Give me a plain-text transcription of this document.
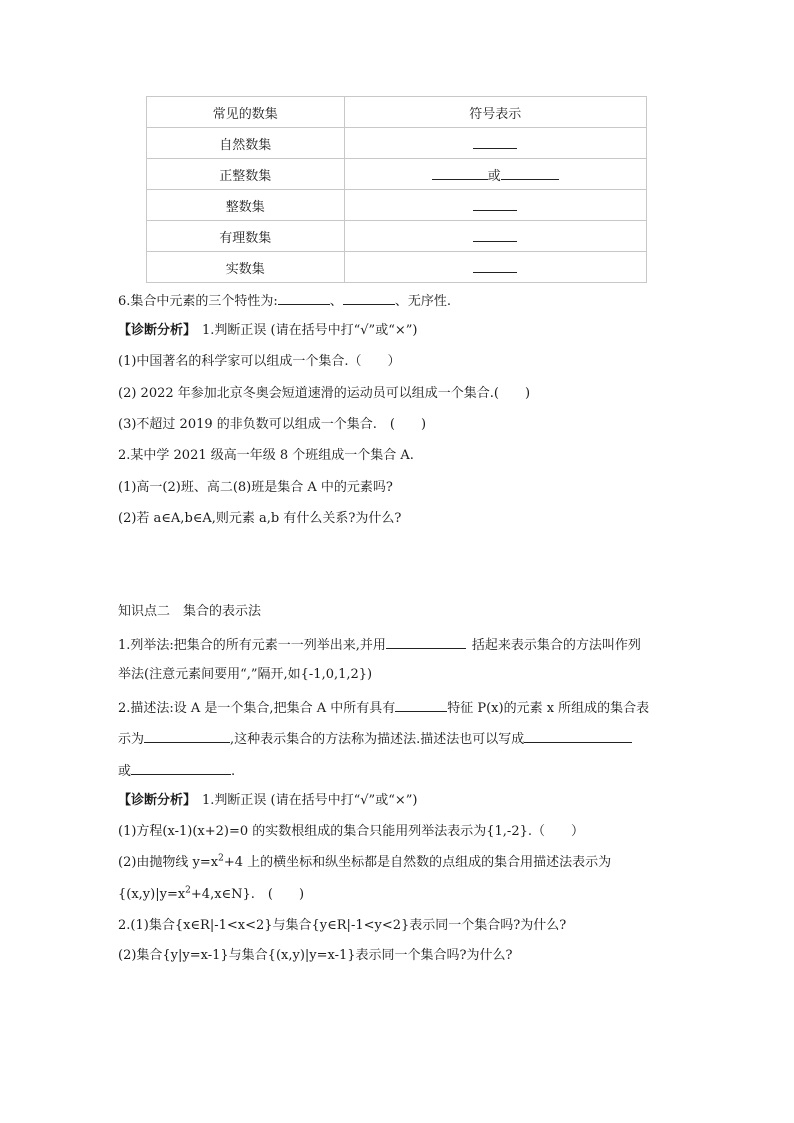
常见的数集	符号表示
自然数集	
正整数集	或
整数集	
有理数集	
实数集	
6.集合中元素的三个特性为:	、	、无序性.
【诊断分析】 1.判断正误 (请在括号中打“√”或“×”)
(1)中国著名的科学家可以组成一个集合.（　　）
(2) 2022 年参加北京冬奥会短道速滑的运动员可以组成一个集合.(　　)
(3)不超过 2019 的非负数可以组成一个集合.　(　　)
2.某中学 2021 级高一年级 8 个班组成一个集合 A.
(1)高一(2)班、高二(8)班是集合 A 中的元素吗?
(2)若 a∈A,b∈A,则元素 a,b 有什么关系?为什么?
知识点二　集合的表示法
1.列举法:把集合的所有元素一一列举出来,并用	括起来表示集合的方法叫作列
举法(注意元素间要用“,”隔开,如{-1,0,1,2})
2.描述法:设 A 是一个集合,把集合 A 中所有具有	特征 P(x)的元素 x 所组成的集合表
示为	,这种表示集合的方法称为描述法.描述法也可以写成
或	.
【诊断分析】 1.判断正误 (请在括号中打“√”或“×”)
(1)方程(x-1)(x+2)=0 的实数根组成的集合只能用列举法表示为{1,-2}.（　　）
(2)由抛物线 $y=x^2+4$ 上的横坐标和纵坐标都是自然数的点组成的集合用描述法表示为
$\{(x,y)|y=x^2+4,x\in N\}$.　(　　)
2.(1)集合{x∈R|-1<x<2}与集合{y∈R|-1<y<2}表示同一个集合吗?为什么?
(2)集合{y|y=x-1}与集合{(x,y)|y=x-1}表示同一个集合吗?为什么?
